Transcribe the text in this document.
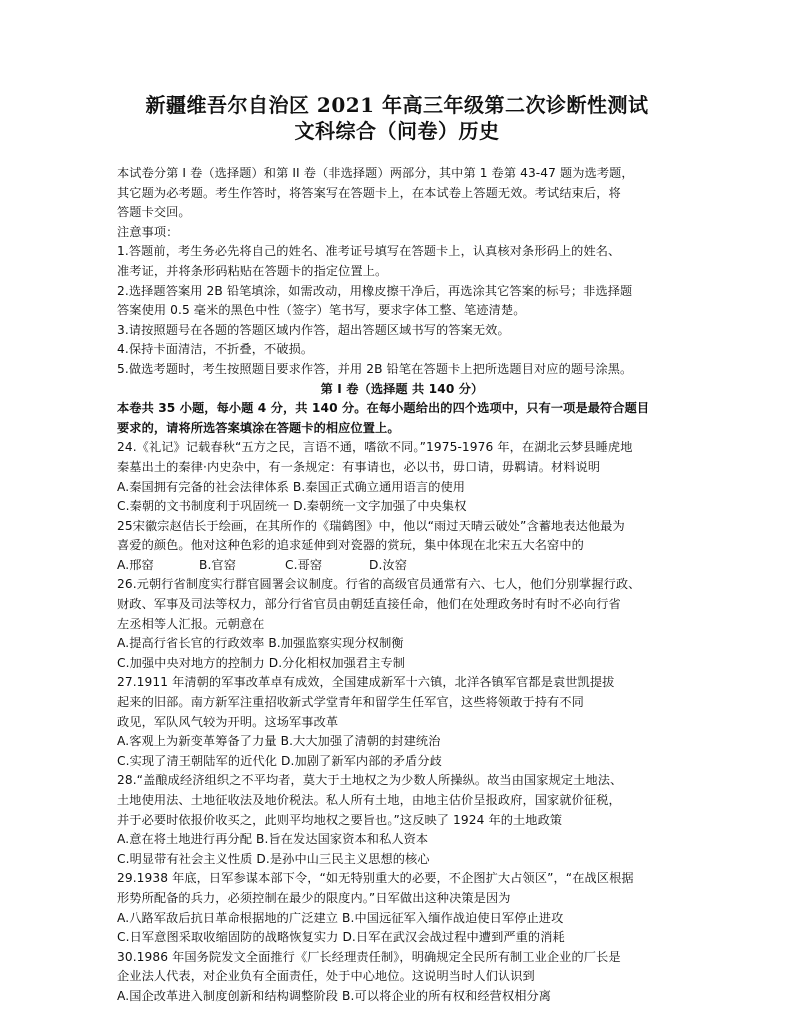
新疆维吾尔自治区 2021 年高三年级第二次诊断性测试

文科综合（问卷）历史

本试卷分第 I 卷（选择题）和第 II 卷（非选择题）两部分，其中第 1 卷第 43-47 题为选考题，

其它题为必考题。考生作答时，将答案写在答题卡上，在本试卷上答题无效。考试结束后，将

答题卡交回。

注意事项：

1.答题前，考生务必先将自己的姓名、准考证号填写在答题卡上，认真核对条形码上的姓名、

准考证，并将条形码粘贴在答题卡的指定位置上。

2.选择题答案用 2B 铅笔填涂，如需改动，用橡皮擦干净后，再选涂其它答案的标号；非选择题

答案使用 0.5 毫米的黑色中性（签字）笔书写，要求字体工整、笔迹清楚。

3.请按照题号在各题的答题区域内作答，超出答题区域书写的答案无效。

4.保持卡面清洁，不折叠，不破损。

5.做选考题时，考生按照题目要求作答，并用 2B 铅笔在答题卡上把所选题目对应的题号涂黑。

第 I 卷（选择题 共 140 分）

本卷共 35 小题，每小题 4 分，共 140 分。在每小题给出的四个选项中，只有一项是最符合题目

要求的，请将所选答案填涂在答题卡的相应位置上。

24.《礼记》记载春秋“五方之民，言语不通，嗜欲不同。”1975-1976 年，在湖北云梦县睡虎地

秦墓出土的秦律·内史杂中，有一条规定：有事请也，必以书，毋口请，毋羁请。材料说明

A.秦国拥有完备的社会法律体系 B.秦国正式确立通用语言的使用

C.秦朝的文书制度利于巩固统一 D.秦朝统一文字加强了中央集权

25宋徽宗赵佶长于绘画，在其所作的《瑞鹤图》中，他以“雨过天晴云破处”含蓄地表达他最为

喜爱的颜色。他对这种色彩的追求延伸到对瓷器的赏玩，集中体现在北宋五大名窑中的

A.邢窑	B.官窑	C.哥窑	D.汝窑

26.元朝行省制度实行群官圆署会议制度。行省的高级官员通常有六、七人，他们分别掌握行政、

财政、军事及司法等权力，部分行省官员由朝廷直接任命，他们在处理政务时有时不必向行省

左丞相等人汇报。元朝意在

A.提高行省长官的行政效率 B.加强监察实现分权制衡

C.加强中央对地方的控制力 D.分化相权加强君主专制

27.1911 年清朝的军事改革卓有成效，全国建成新军十六镇，北洋各镇军官都是袁世凯提拔

起来的旧部。南方新军注重招收新式学堂青年和留学生任军官，这些将领敢于持有不同

政见，军队风气较为开明。这场军事改革

A.客观上为新变革筹备了力量 B.大大加强了清朝的封建统治

C.实现了清王朝陆军的近代化 D.加剧了新军内部的矛盾分歧

28.“盖酿成经济组织之不平均者，莫大于土地权之为少数人所操纵。故当由国家规定土地法、

土地使用法、土地征收法及地价税法。私人所有土地，由地主估价呈报政府，国家就价征税，

并于必要时依报价收买之，此则平均地权之要旨也。”这反映了 1924 年的土地政策

A.意在将土地进行再分配 B.旨在发达国家资本和私人资本

C.明显带有社会主义性质 D.是孙中山三民主义思想的核心

29.1938 年底，日军参谋本部下令，“如无特别重大的必要，不企图扩大占领区”，“在战区根据

形势所配备的兵力，必须控制在最少的限度内。”日军做出这种决策是因为

A.八路军敌后抗日革命根据地的广泛建立 B.中国远征军入缅作战迫使日军停止进攻

C.日军意图采取收缩固防的战略恢复实力 D.日军在武汉会战过程中遭到严重的消耗

30.1986 年国务院发文全面推行《厂长经理责任制》，明确规定全民所有制工业企业的厂长是

企业法人代表，对企业负有全面责任，处于中心地位。这说明当时人们认识到

A.国企改革进入制度创新和结构调整阶段 B.可以将企业的所有权和经营权相分离
